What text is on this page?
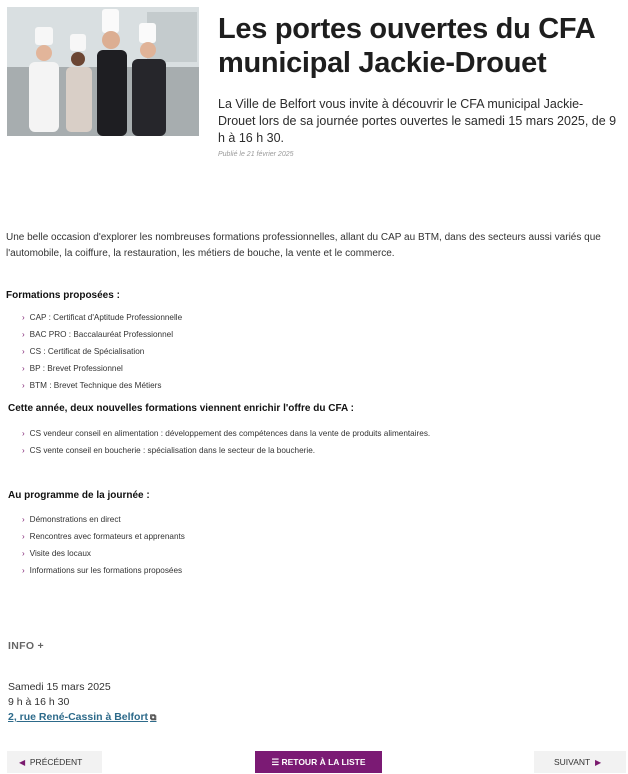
Les portes ouvertes du CFA municipal Jackie-Drouet

La Ville de Belfort vous invite à découvrir le CFA municipal Jackie-Drouet lors de sa journée portes ouvertes le samedi 15 mars 2025, de 9 h à 16 h 30.

Publié le 21 février 2025

Une belle occasion d'explorer les nombreuses formations professionnelles, allant du CAP au BTM, dans des secteurs aussi variés que l'automobile, la coiffure, la restauration, les métiers de bouche, la vente et le commerce.

Formations proposées :
› CAP : Certificat d'Aptitude Professionnelle
› BAC PRO : Baccalauréat Professionnel
› CS : Certificat de Spécialisation
› BP : Brevet Professionnel
› BTM : Brevet Technique des Métiers
Cette année, deux nouvelles formations viennent enrichir l'offre du CFA :
› CS vendeur conseil en alimentation : développement des compétences dans la vente de produits alimentaires.
› CS vente conseil en boucherie : spécialisation dans le secteur de la boucherie.
Au programme de la journée :
› Démonstrations en direct
› Rencontres avec formateurs et apprenants
› Visite des locaux
› Informations sur les formations proposées
INFO +

Samedi 15 mars 2025

9 h à 16 h 30

2, rue René-Cassin à Belfort ⧉
◀ PRÉCÉDENT	☰ RETOUR À LA LISTE	SUIVANT ▶
